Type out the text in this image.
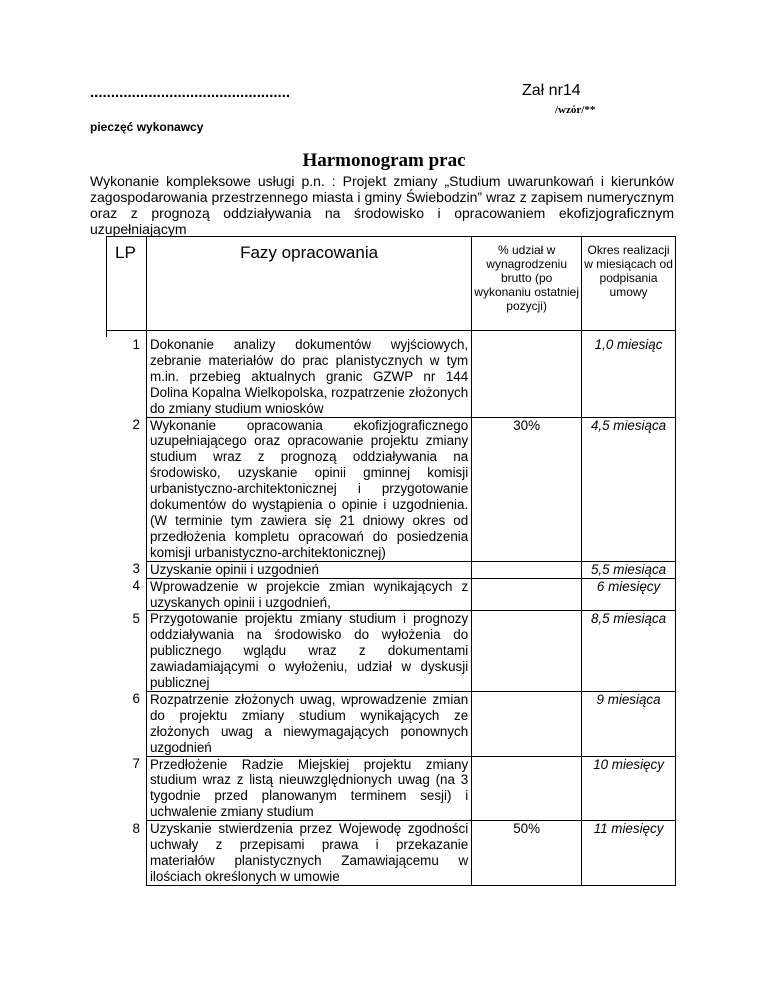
................................................	Zał nr14
/wzór/**
pieczęć wykonawcy
Harmonogram prac
Wykonanie kompleksowe usługi p.n. : Projekt zmiany „Studium uwarunkowań i kierunków zagospodarowania przestrzennego miasta i gminy Świebodzin” wraz z zapisem numerycznym oraz z prognozą oddziaływania na środowisko i opracowaniem ekofizjograficznym uzupełniającym
LP	Fazy opracowania	% udział w wynagrodzeniu brutto (po wykonaniu ostatniej pozycji)	Okres realizacji w miesiącach od podpisania umowy

1	Dokonanie analizy dokumentów wyjściowych, zebranie materiałów do prac planistycznych w tym m.in. przebieg aktualnych granic GZWP nr 144 Dolina Kopalna Wielkopolska, rozpatrzenie złożonych do zmiany studium wniosków		1,0 miesiąc
2	Wykonanie opracowania ekofizjograficznego uzupełniającego oraz opracowanie projektu zmiany studium wraz z prognozą oddziaływania na środowisko, uzyskanie opinii gminnej komisji urbanistyczno-architektonicznej i przygotowanie dokumentów do wystąpienia o opinie i uzgodnienia. (W terminie tym zawiera się 21 dniowy okres od przedłożenia kompletu opracowań do posiedzenia komisji urbanistyczno-architektonicznej)	30%	4,5 miesiąca
3	Uzyskanie opinii i uzgodnień		5,5 miesiąca
4	Wprowadzenie w projekcie zmian wynikających z uzyskanych opinii i uzgodnień,		6 miesięcy
5	Przygotowanie projektu zmiany studium i prognozy oddziaływania na środowisko do wyłożenia do publicznego wglądu wraz z dokumentami zawiadamiającymi o wyłożeniu, udział w dyskusji publicznej		8,5 miesiąca
6	Rozpatrzenie złożonych uwag, wprowadzenie zmian do projektu zmiany studium wynikających ze złożonych uwag a niewymagających ponownych uzgodnień		9 miesiąca
7	Przedłożenie Radzie Miejskiej projektu zmiany studium wraz z listą nieuwzględnionych uwag (na 3 tygodnie przed planowanym terminem sesji) i uchwalenie zmiany studium		10 miesięcy
8	Uzyskanie stwierdzenia przez Wojewodę zgodności uchwały z przepisami prawa i przekazanie materiałów planistycznych Zamawiającemu w ilościach określonych w umowie	50%	11 miesięcy
